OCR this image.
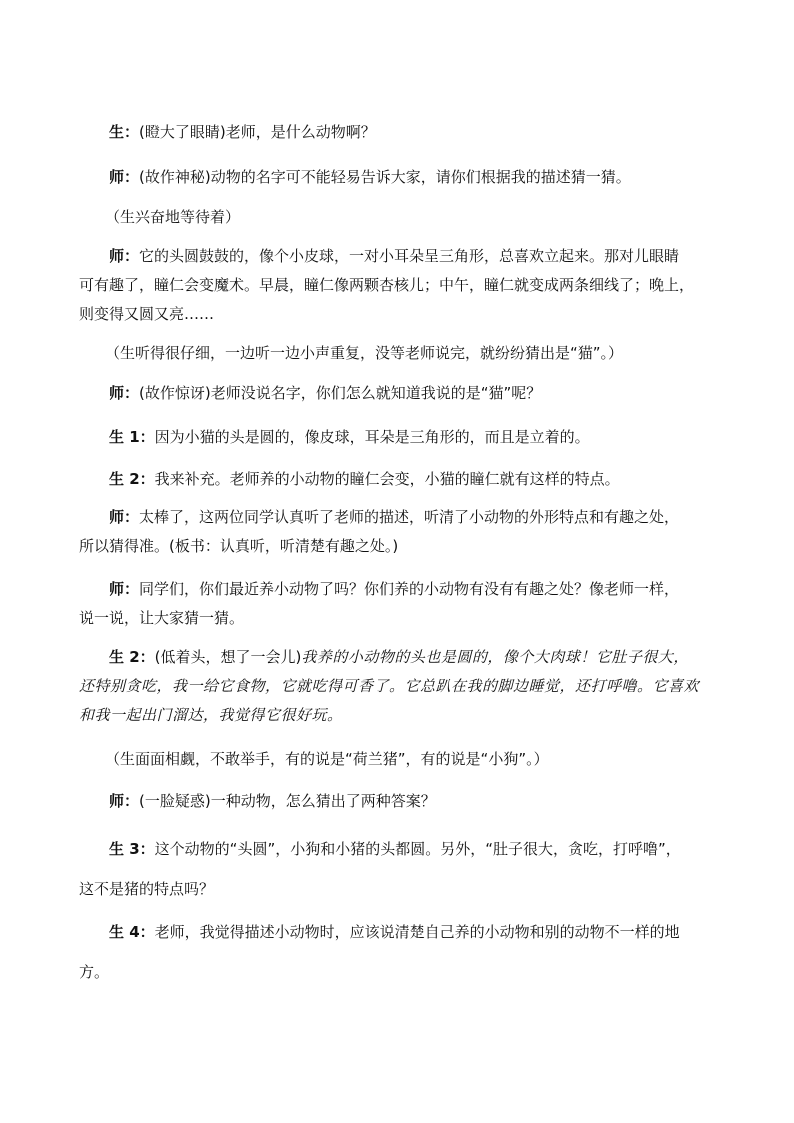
生：(瞪大了眼睛)老师，是什么动物啊？

师：(故作神秘)动物的名字可不能轻易告诉大家，请你们根据我的描述猜一猜。

（生兴奋地等待着）

师：它的头圆鼓鼓的，像个小皮球，一对小耳朵呈三角形，总喜欢立起来。那对儿眼睛
可有趣了，瞳仁会变魔术。早晨，瞳仁像两颗杏核儿；中午，瞳仁就变成两条细线了；晚上，
则变得又圆又亮……

（生听得很仔细，一边听一边小声重复，没等老师说完，就纷纷猜出是“猫”。）

师：(故作惊讶)老师没说名字，你们怎么就知道我说的是“猫”呢？

生 1：因为小猫的头是圆的，像皮球，耳朵是三角形的，而且是立着的。

生 2：我来补充。老师养的小动物的瞳仁会变，小猫的瞳仁就有这样的特点。

师：太棒了，这两位同学认真听了老师的描述，听清了小动物的外形特点和有趣之处，
所以猜得准。(板书：认真听，听清楚有趣之处。)

师：同学们，你们最近养小动物了吗？你们养的小动物有没有有趣之处？像老师一样，
说一说，让大家猜一猜。

生 2：(低着头，想了一会儿)我养的小动物的头也是圆的，像个大肉球！它肚子很大，
还特别贪吃，我一给它食物，它就吃得可香了。它总趴在我的脚边睡觉，还打呼噜。它喜欢
和我一起出门溜达，我觉得它很好玩。

（生面面相觑，不敢举手，有的说是“荷兰猪”，有的说是“小狗”。）

师：(一脸疑惑)一种动物，怎么猜出了两种答案？

生 3：这个动物的“头圆”，小狗和小猪的头都圆。另外，“肚子很大，贪吃，打呼噜”，
这不是猪的特点吗？

生 4：老师，我觉得描述小动物时，应该说清楚自己养的小动物和别的动物不一样的地
方。
